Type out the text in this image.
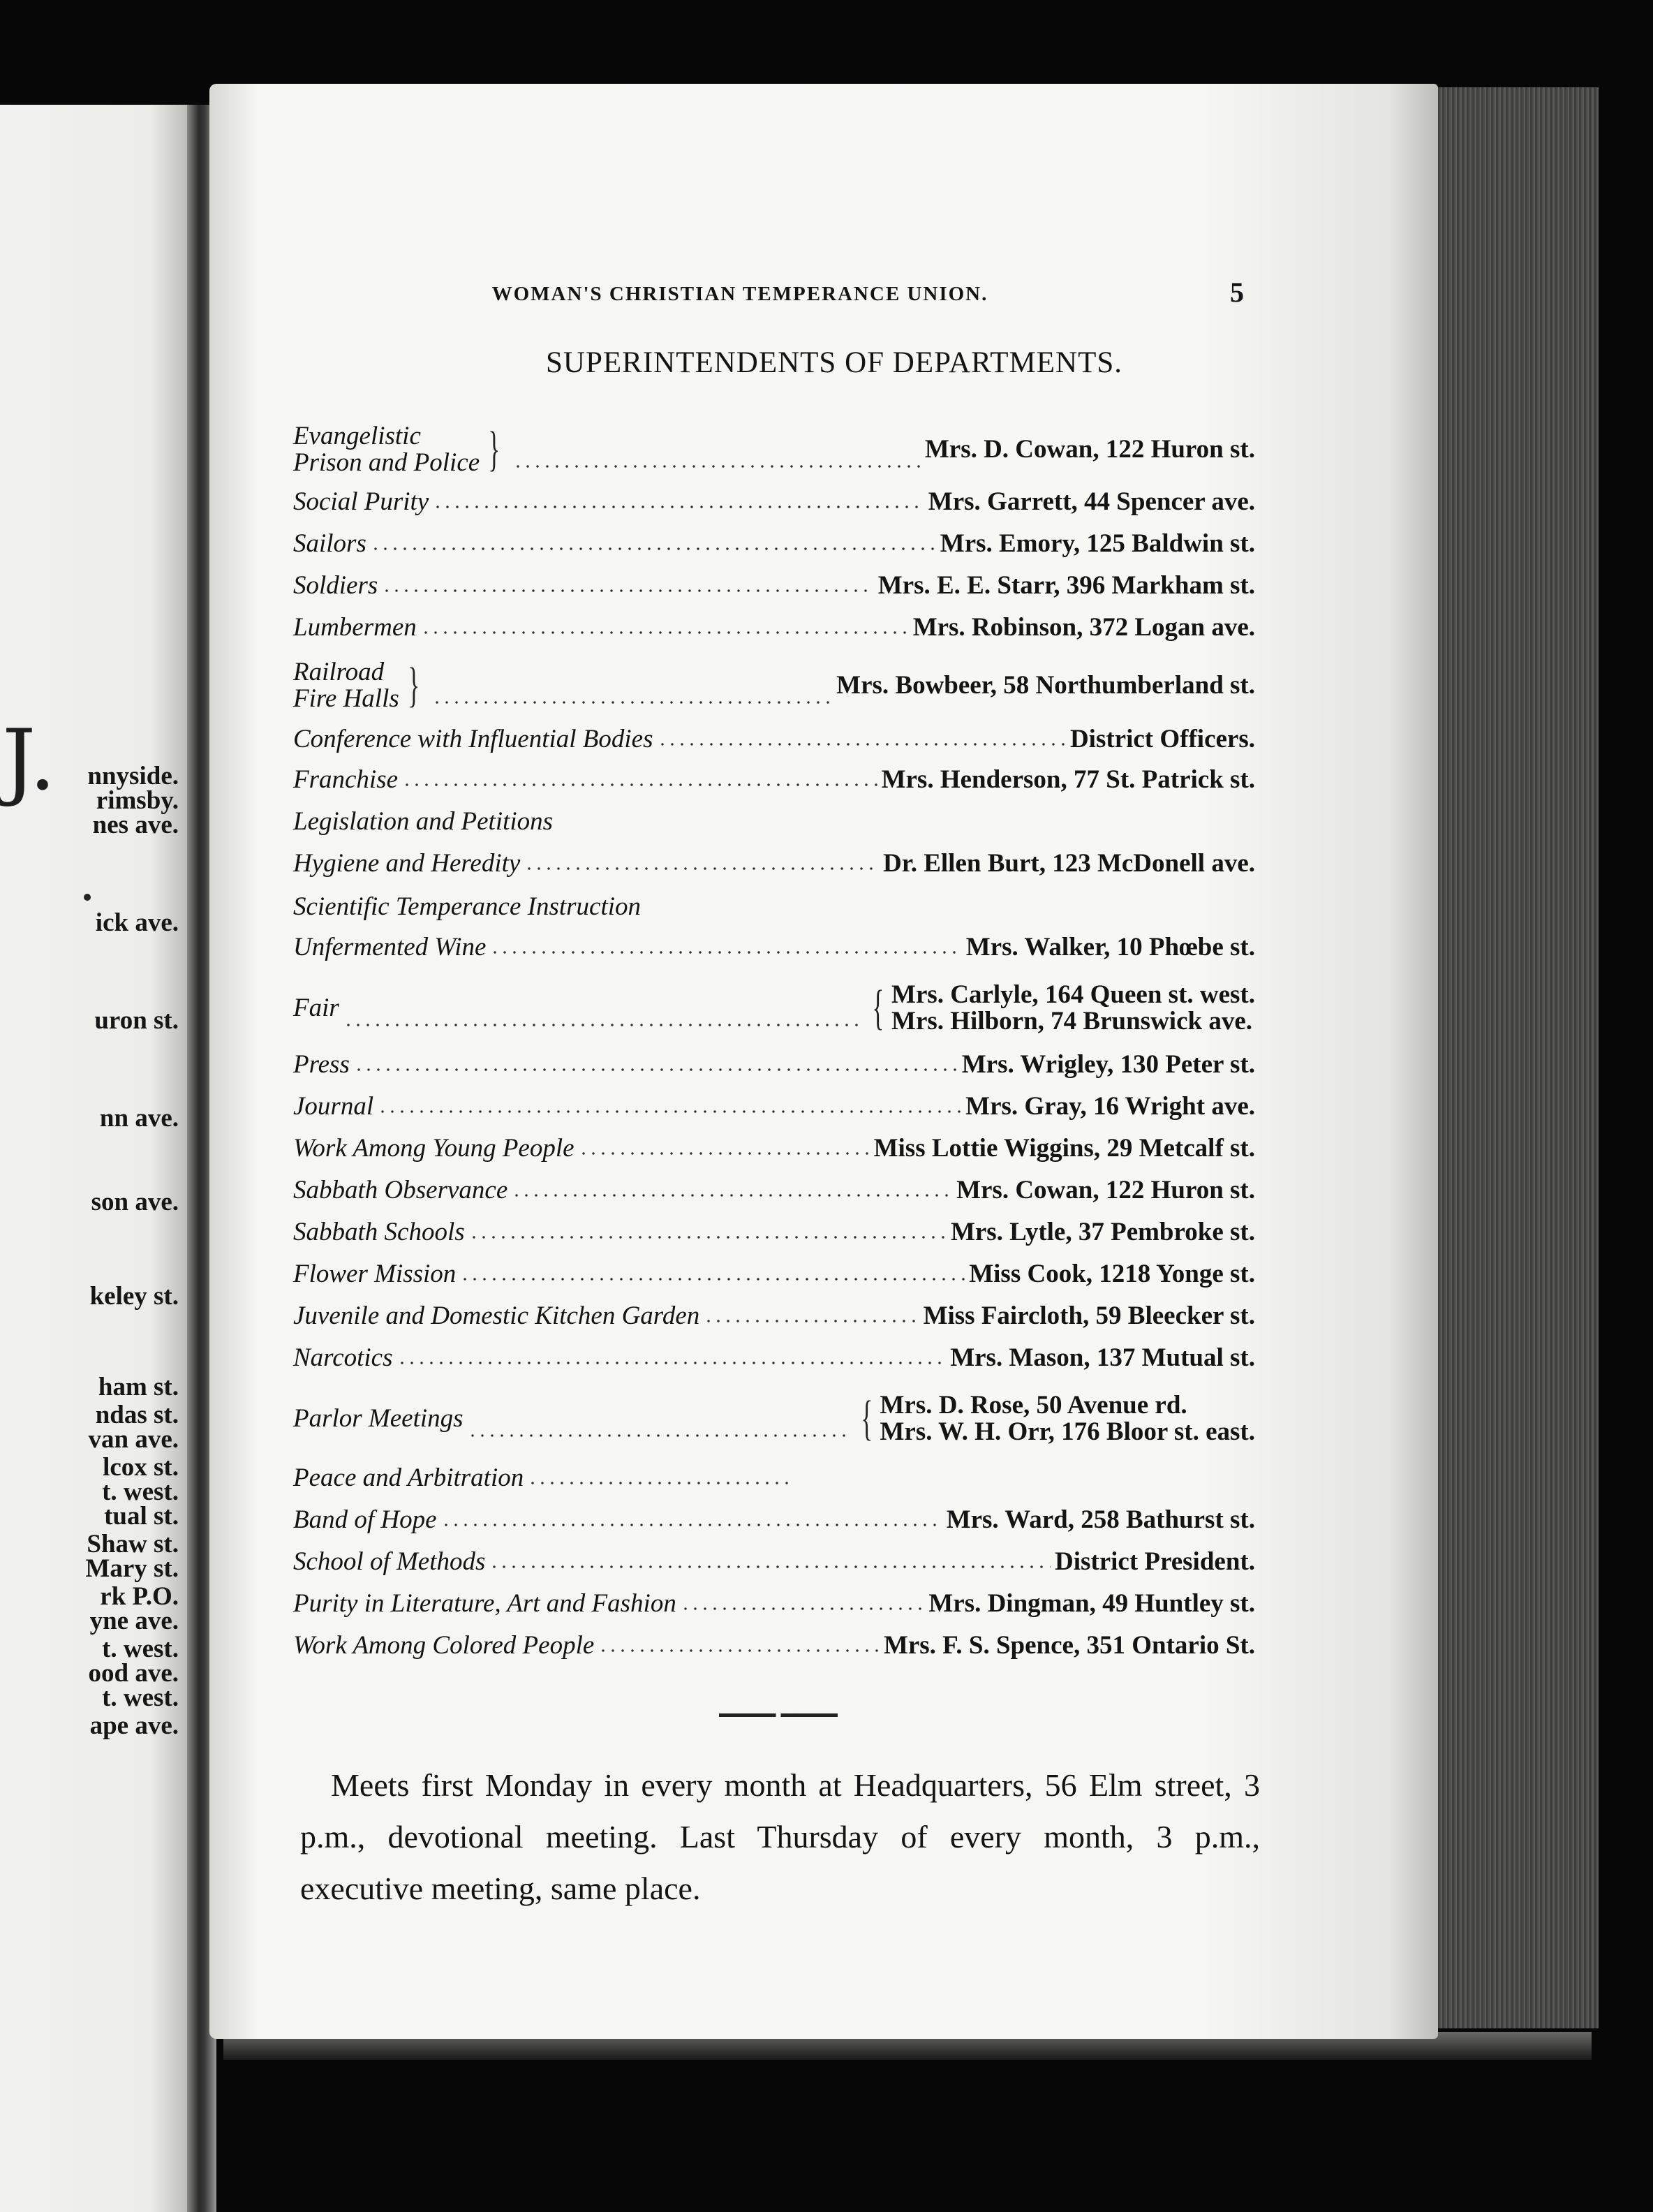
J. nnyside.
rimsby.
nes ave.
ick ave.
uron st.
nn ave.
son ave.
keley st.
ham st.
ndas st.
van ave.
lcox st.
t. west.
tual st.
Shaw st.
Mary st.
rk P.O.
yne ave.
t. west.
ood ave.
t. west.
ape ave.
WOMAN'S CHRISTIAN TEMPERANCE UNION.	5
SUPERINTENDENTS OF DEPARTMENTS.
Evangelistic
Prison and Police }	Mrs. D. Cowan, 122 Huron st.
Social Purity	Mrs. Garrett, 44 Spencer ave.
Sailors	Mrs. Emory, 125 Baldwin st.
Soldiers	Mrs. E. E. Starr, 396 Markham st.
Lumbermen	Mrs. Robinson, 372 Logan ave.
Railroad
Fire Halls }	Mrs. Bowbeer, 58 Northumberland st.
Conference with Influential Bodies	District Officers.
Franchise	Mrs. Henderson, 77 St. Patrick st.
Legislation and Petitions
Hygiene and Heredity	Dr. Ellen Burt, 123 McDonell ave.
Scientific Temperance Instruction
Unfermented Wine	Mrs. Walker, 10 Phœbe st.
Fair	{ Mrs. Carlyle, 164 Queen st. west.
Mrs. Hilborn, 74 Brunswick ave.
Press	Mrs. Wrigley, 130 Peter st.
Journal	Mrs. Gray, 16 Wright ave.
Work Among Young People	Miss Lottie Wiggins, 29 Metcalf st.
Sabbath Observance	Mrs. Cowan, 122 Huron st.
Sabbath Schools	Mrs. Lytle, 37 Pembroke st.
Flower Mission	Miss Cook, 1218 Yonge st.
Juvenile and Domestic Kitchen Garden	Miss Faircloth, 59 Bleecker st.
Narcotics	Mrs. Mason, 137 Mutual st.
Parlor Meetings	{ Mrs. D. Rose, 50 Avenue rd.
Mrs. W. H. Orr, 176 Bloor st. east.
Peace and Arbitration
Band of Hope	Mrs. Ward, 258 Bathurst st.
School of Methods	District President.
Purity in Literature, Art and Fashion	Mrs. Dingman, 49 Huntley st.
Work Among Colored People	Mrs. F. S. Spence, 351 Ontario St.
Meets first Monday in every month at Headquarters, 56 Elm street, 3 p.m., devotional meeting. Last Thursday of every month, 3 p.m., executive meeting, same place.
